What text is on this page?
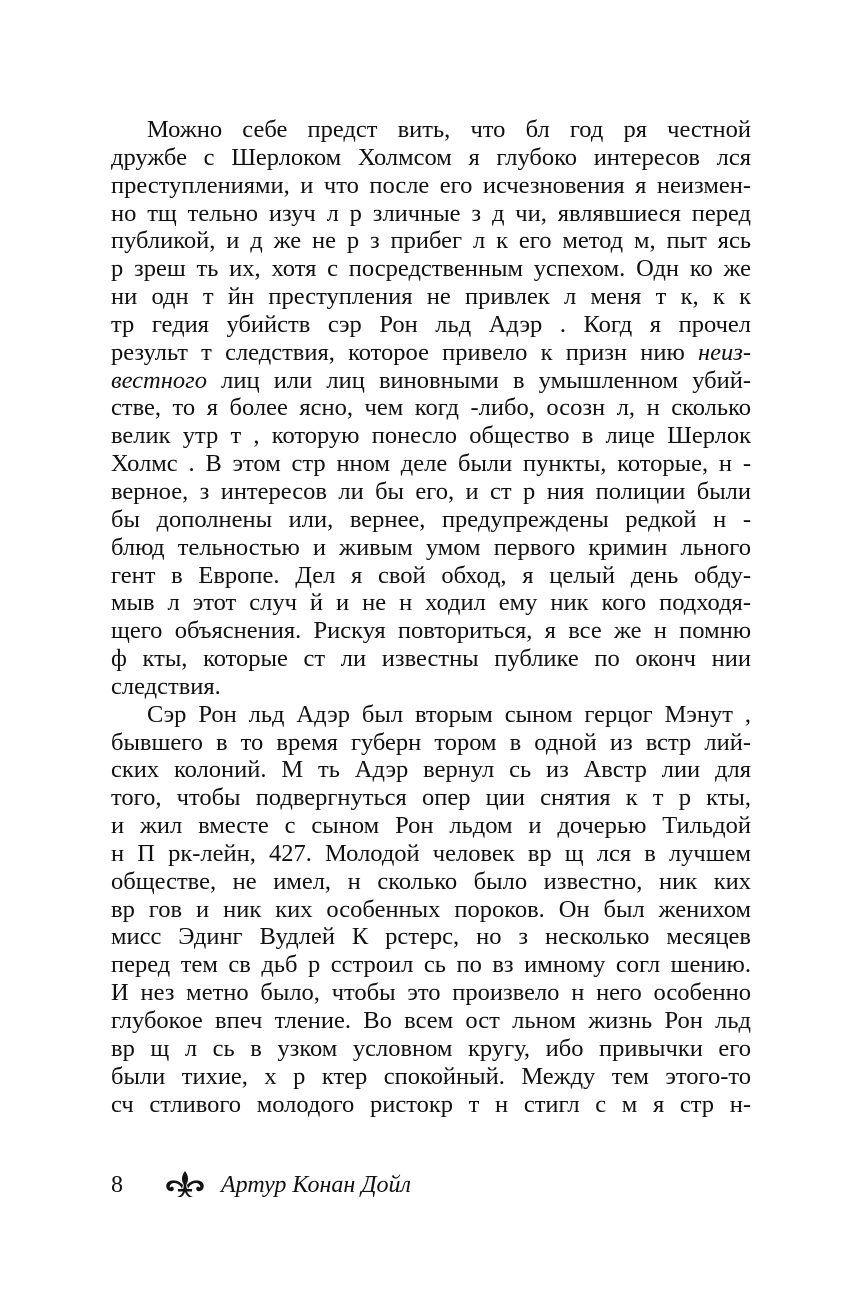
Можно себе предст вить, что бл год ря честной
дружбе с Шерлоком Холмсом я глубоко интересов лся
преступлениями, и что после его исчезновения я неизмен-
но тщ тельно изуч л р зличные з д чи, являвшиеся перед
публикой, и д же не р з прибег л к его метод м, пыт ясь
р зреш ть их, хотя с посредственным успехом. Одн ко же
ни одн т йн преступления не привлек л меня т к, к к
тр гедия убийств сэр Рон льд Адэр . Когд я прочел
результ т следствия, которое привело к призн нию неиз-
вестного лиц или лиц виновными в умышленном убий-
стве, то я более ясно, чем когд -либо, осозн л, н сколько
велик утр т , которую понесло общество в лице Шерлок
Холмс . В этом стр нном деле были пункты, которые, н -
верное, з интересов ли бы его, и ст р ния полиции были
бы дополнены или, вернее, предупреждены редкой н -
блюд тельностью и живым умом первого кримин льного
гент в Европе. Дел я свой обход, я целый день обду-
мыв л этот случ й и не н ходил ему ник кого подходя-
щего объяснения. Рискуя повториться, я все же н помню
ф кты, которые ст ли известны публике по оконч нии
следствия.
Сэр Рон льд Адэр был вторым сыном герцог Мэнут ,
бывшего в то время губерн тором в одной из встр лий-
ских колоний. М ть Адэр вернул сь из Австр лии для
того, чтобы подвергнуться опер ции снятия к т р кты,
и жил вместе с сыном Рон льдом и дочерью Тильдой
н П рк-лейн, 427. Молодой человек вр щ лся в лучшем
обществе, не имел, н сколько было известно, ник ких
вр гов и ник ких особенных пороков. Он был женихом
мисс Эдинг Вудлей К рстерс, но з несколько месяцев
перед тем св дьб р сстроил сь по вз имному согл шению.
И нез метно было, чтобы это произвело н него особенно
глубокое впеч тление. Во всем ост льном жизнь Рон льд
вр щ л сь в узком условном кругу, ибо привычки его
были тихие, х р ктер спокойный. Между тем этого-то
сч стливого молодого ристокр т н стигл с м я стр н-
8	Артур Конан Дойл
